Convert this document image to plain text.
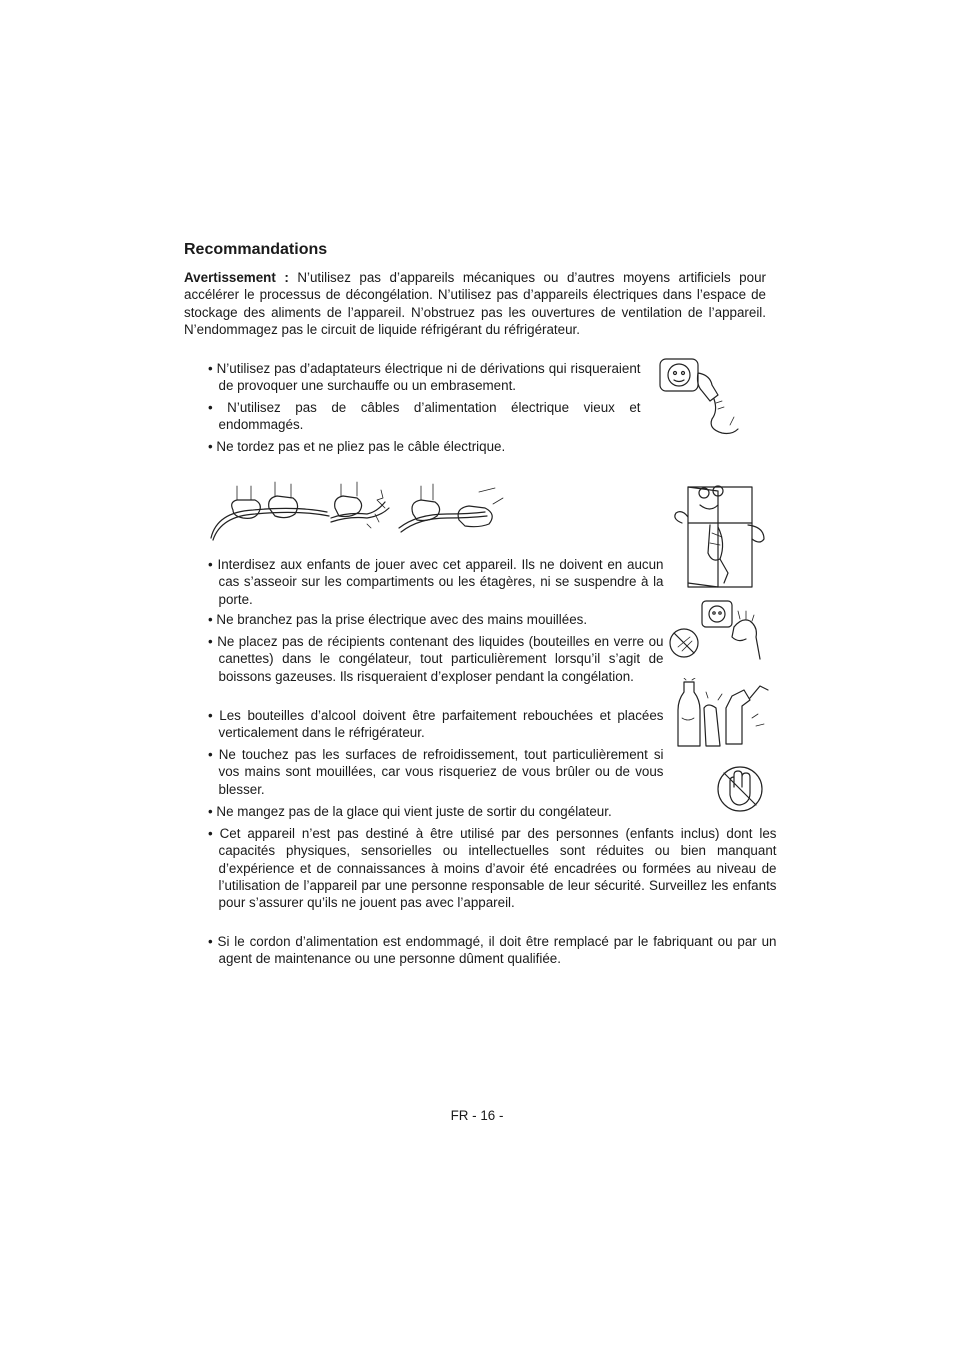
Recommandations

Avertissement : N’utilisez pas d’appareils mécaniques ou d’autres moyens artificiels pour accélérer le processus de décongélation. N’utilisez pas d’appareils électriques dans l’espace de stockage des aliments de l’appareil. N’obstruez pas les ouvertures de ventilation de l’appareil. N’endommagez pas le circuit de liquide réfrigérant du réfrigérateur.

• N’utilisez pas d’adaptateurs électrique ni de dérivations qui risqueraient de provoquer une surchauffe ou un embrasement.

• N’utilisez pas de câbles d’alimentation électrique vieux et endommagés.

• Ne tordez pas et ne pliez pas le câble électrique.

• Interdisez aux enfants de jouer avec cet appareil. Ils ne doivent en aucun cas s’asseoir sur les compartiments ou les étagères, ni se suspendre à la porte.

• Ne branchez pas la prise électrique avec des mains mouillées.

• Ne placez pas de récipients contenant des liquides (bouteilles en verre ou canettes) dans le congélateur, tout particulièrement lorsqu’il s’agit de boissons gazeuses. Ils risqueraient d’exploser pendant la congélation.

• Les bouteilles d’alcool doivent être parfaitement rebouchées et placées verticalement dans le réfrigérateur.

• Ne touchez pas les surfaces de refroidissement, tout particulièrement si vos mains sont mouillées, car vous risqueriez de vous brûler ou de vous blesser.

• Ne mangez pas de la glace qui vient juste de sortir du congélateur.

• Cet appareil n’est pas destiné à être utilisé par des personnes (enfants inclus) dont les capacités physiques, sensorielles ou intellectuelles sont réduites ou bien manquant d’expérience et de connaissances à moins d’avoir été encadrées ou formées au niveau de l’utilisation de l’appareil par une personne responsable de leur sécurité. Surveillez les enfants pour s’assurer qu’ils ne jouent pas avec l’appareil.

• Si le cordon d’alimentation est endommagé, il doit être remplacé par le fabriquant ou par un agent de maintenance ou une personne dûment qualifiée.

FR - 16 -
